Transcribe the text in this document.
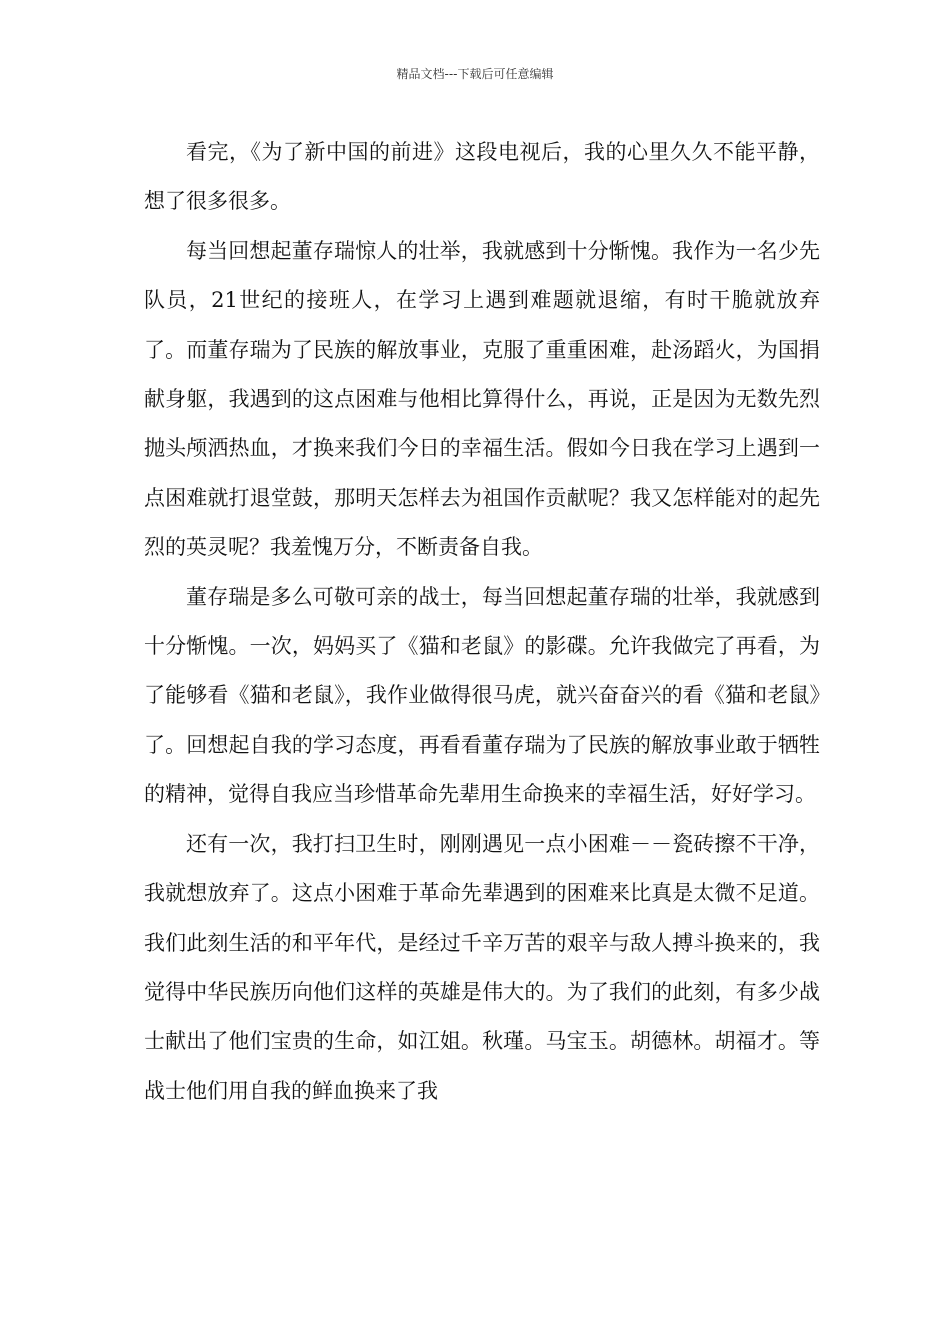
精品文档---下载后可任意编辑

看完，《为了新中国的前进》这段电视后，我的心里久久不能平静，想了很多很多。

每当回想起董存瑞惊人的壮举，我就感到十分惭愧。我作为一名少先队员，21世纪的接班人，在学习上遇到难题就退缩，有时干脆就放弃了。而董存瑞为了民族的解放事业，克服了重重困难，赴汤蹈火，为国捐献身躯，我遇到的这点困难与他相比算得什么，再说，正是因为无数先烈抛头颅洒热血，才换来我们今日的幸福生活。假如今日我在学习上遇到一点困难就打退堂鼓，那明天怎样去为祖国作贡献呢？我又怎样能对的起先烈的英灵呢？我羞愧万分，不断责备自我。

董存瑞是多么可敬可亲的战士，每当回想起董存瑞的壮举，我就感到十分惭愧。一次，妈妈买了《猫和老鼠》的影碟。允许我做完了再看，为了能够看《猫和老鼠》，我作业做得很马虎，就兴奋奋兴的看《猫和老鼠》了。回想起自我的学习态度，再看看董存瑞为了民族的解放事业敢于牺牲的精神，觉得自我应当珍惜革命先辈用生命换来的幸福生活，好好学习。

还有一次，我打扫卫生时，刚刚遇见一点小困难－－瓷砖擦不干净，我就想放弃了。这点小困难于革命先辈遇到的困难来比真是太微不足道。我们此刻生活的和平年代，是经过千辛万苦的艰辛与敌人搏斗换来的，我觉得中华民族历向他们这样的英雄是伟大的。为了我们的此刻，有多少战士献出了他们宝贵的生命，如江姐。秋瑾。马宝玉。胡德林。胡福才。等战士他们用自我的鲜血换来了我
